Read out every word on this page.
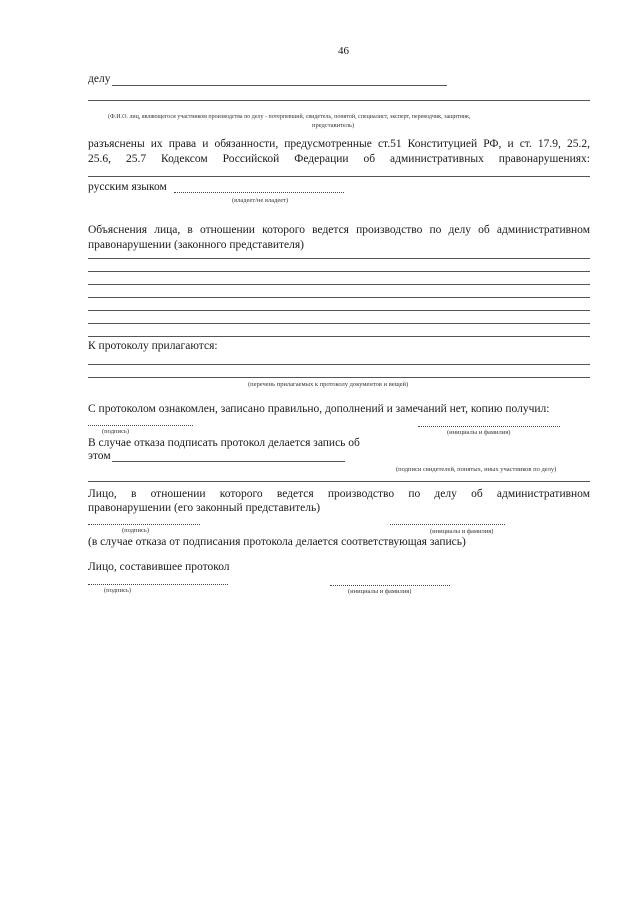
46
делу
(Ф.И.О. лиц, являющегося участником производства по делу - потерпевший, свидетель, понятой, специалист, эксперт, переводчик, защитник,
представитель)
разъяснены их права и обязанности, предусмотренные ст.51 Конституцией РФ, и ст. 17.9, 25.2,
25.6, 25.7 Кодексом Российской Федерации об административных правонарушениях:
русским языком
(владеет/не владеет)
Объяснения лица, в отношении которого ведется производство по делу об административном
правонарушении (законного представителя)
К протоколу прилагаются:
(перечень прилагаемых к протоколу документов и вещей)
С протоколом ознакомлен, записано правильно, дополнений и замечаний нет, копию получил:
(подпись)	(инициалы и фамилия)
В случае отказа подписать протокол делается запись об
этом
(подписи свидетелей, понятых, иных участников по делу)
Лицо, в отношении которого ведется производство по делу об административном
правонарушении (его законный представитель)
(подпись)	(инициалы и фамилия)
(в случае отказа от подписания протокола делается соответствующая запись)
Лицо, составившее протокол
(подпись)	(инициалы и фамилия)
